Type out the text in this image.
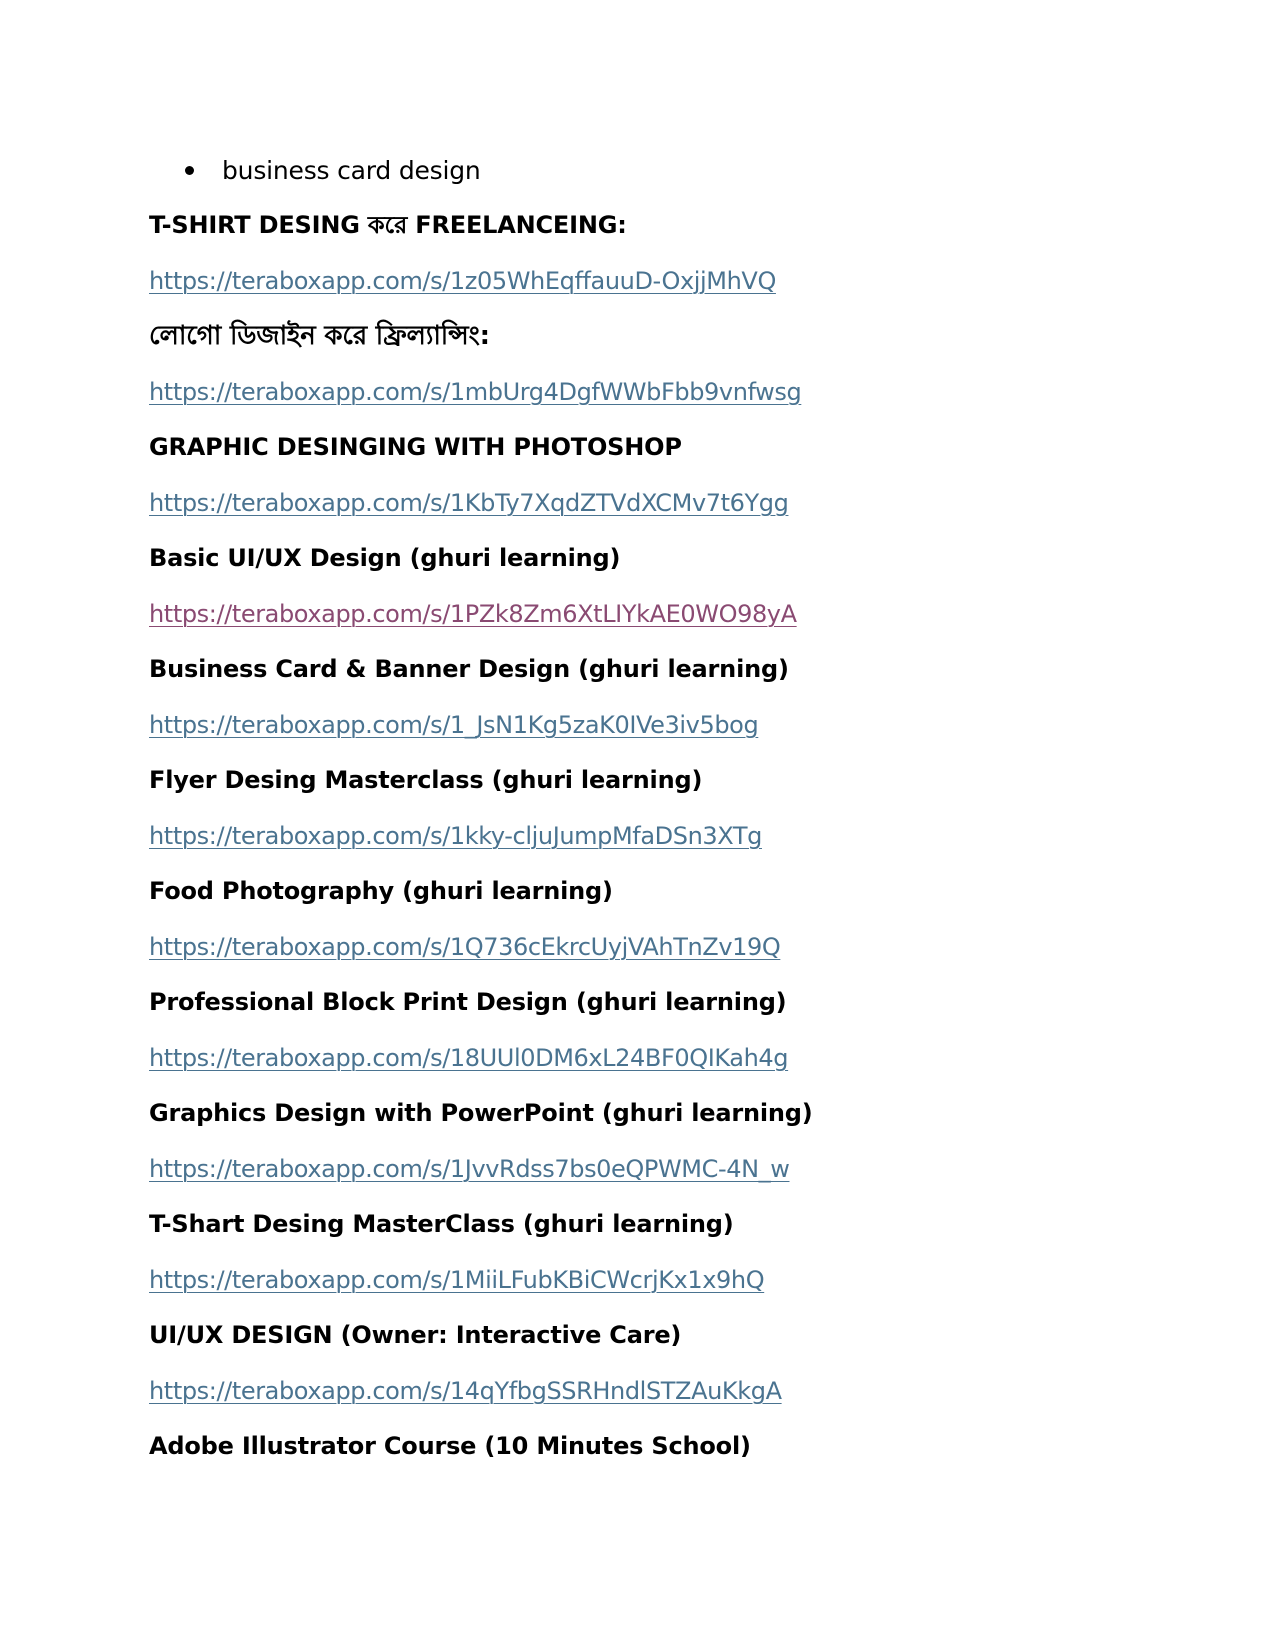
business card design
T-SHIRT DESING করে FREELANCEING:
https://teraboxapp.com/s/1z05WhEqffauuD-OxjjMhVQ
লোগো ডিজাইন করে ফ্রিল্যান্সিং:
https://teraboxapp.com/s/1mbUrg4DgfWWbFbb9vnfwsg
GRAPHIC DESINGING WITH PHOTOSHOP
https://teraboxapp.com/s/1KbTy7XqdZTVdXCMv7t6Ygg
Basic UI/UX Design (ghuri learning)
https://teraboxapp.com/s/1PZk8Zm6XtLIYkAE0WO98yA
Business Card & Banner Design (ghuri learning)
https://teraboxapp.com/s/1_JsN1Kg5zaK0IVe3iv5bog
Flyer Desing Masterclass (ghuri learning)
https://teraboxapp.com/s/1kky-cljuJumpMfaDSn3XTg
Food Photography (ghuri learning)
https://teraboxapp.com/s/1Q736cEkrcUyjVAhTnZv19Q
Professional Block Print Design (ghuri learning)
https://teraboxapp.com/s/18UUl0DM6xL24BF0QIKah4g
Graphics Design with PowerPoint (ghuri learning)
https://teraboxapp.com/s/1JvvRdss7bs0eQPWMC-4N_w
T-Shart Desing MasterClass (ghuri learning)
https://teraboxapp.com/s/1MiiLFubKBiCWcrjKx1x9hQ
UI/UX DESIGN (Owner: Interactive Care)
https://teraboxapp.com/s/14qYfbgSSRHndlSTZAuKkgA
Adobe Illustrator Course (10 Minutes School)
